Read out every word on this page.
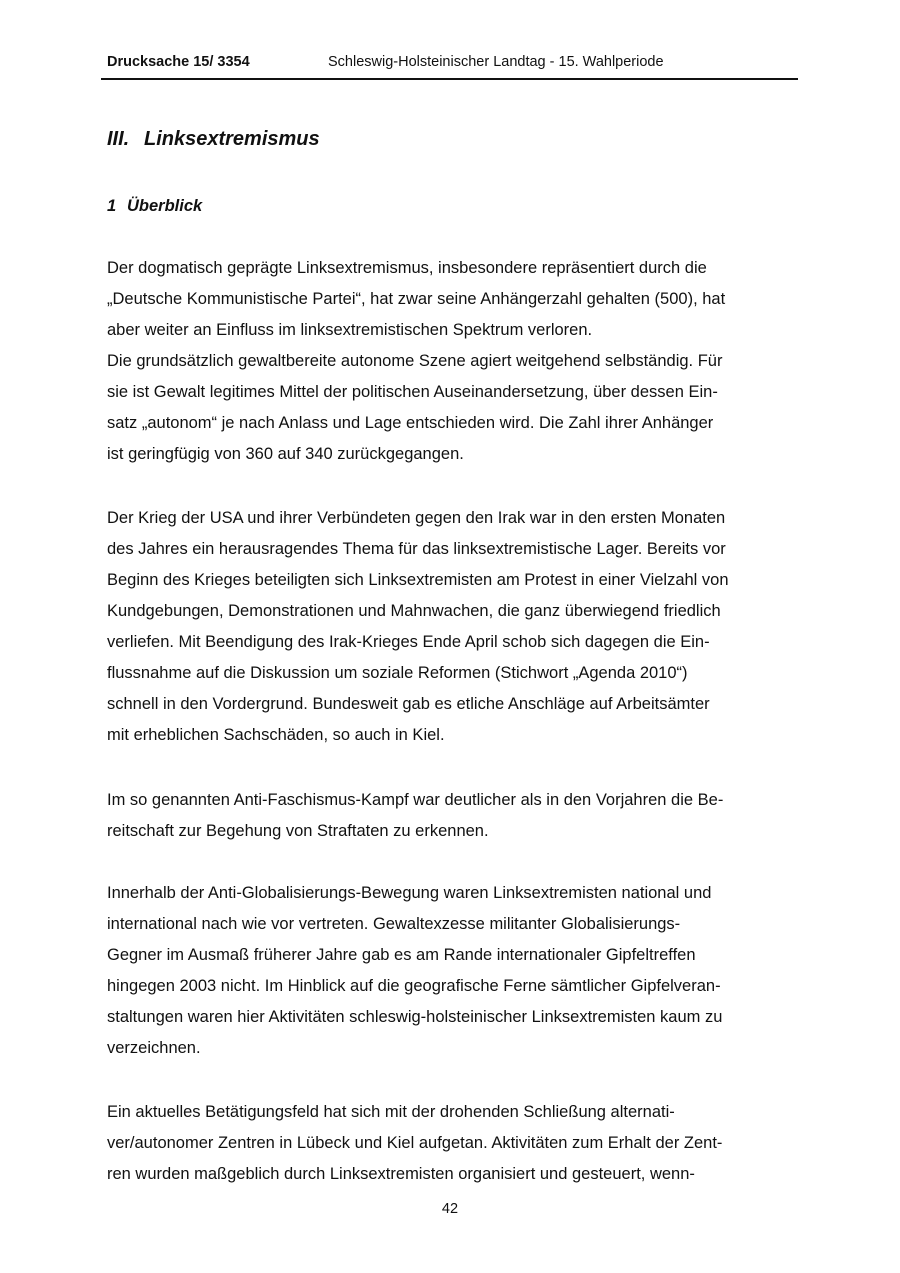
Drucksache 15/ 3354	Schleswig-Holsteinischer Landtag - 15. Wahlperiode
III. Linksextremismus
1 Überblick
Der dogmatisch geprägte Linksextremismus, insbesondere repräsentiert durch die
„Deutsche Kommunistische Partei“, hat zwar seine Anhängerzahl gehalten (500), hat
aber weiter an Einfluss im linksextremistischen Spektrum verloren.
Die grundsätzlich gewaltbereite autonome Szene agiert weitgehend selbständig. Für
sie ist Gewalt legitimes Mittel der politischen Auseinandersetzung, über dessen Ein-
satz „autonom“ je nach Anlass und Lage entschieden wird. Die Zahl ihrer Anhänger
ist geringfügig von 360 auf 340 zurückgegangen.
Der Krieg der USA und ihrer Verbündeten gegen den Irak war in den ersten Monaten
des Jahres ein herausragendes Thema für das linksextremistische Lager. Bereits vor
Beginn des Krieges beteiligten sich Linksextremisten am Protest in einer Vielzahl von
Kundgebungen, Demonstrationen und Mahnwachen, die ganz überwiegend friedlich
verliefen. Mit Beendigung des Irak-Krieges Ende April schob sich dagegen die Ein-
flussnahme auf die Diskussion um soziale Reformen (Stichwort „Agenda 2010“)
schnell in den Vordergrund. Bundesweit gab es etliche Anschläge auf Arbeitsämter
mit erheblichen Sachschäden, so auch in Kiel.
Im so genannten Anti-Faschismus-Kampf war deutlicher als in den Vorjahren die Be-
reitschaft zur Begehung von Straftaten zu erkennen.
Innerhalb der Anti-Globalisierungs-Bewegung waren Linksextremisten national und
international nach wie vor vertreten. Gewaltexzesse militanter Globalisierungs-
Gegner im Ausmaß früherer Jahre gab es am Rande internationaler Gipfeltreffen
hingegen 2003 nicht. Im Hinblick auf die geografische Ferne sämtlicher Gipfelveran-
staltungen waren hier Aktivitäten schleswig-holsteinischer Linksextremisten kaum zu
verzeichnen.
Ein aktuelles Betätigungsfeld hat sich mit der drohenden Schließung alternati-
ver/autonomer Zentren in Lübeck und Kiel aufgetan. Aktivitäten zum Erhalt der Zent-
ren wurden maßgeblich durch Linksextremisten organisiert und gesteuert, wenn-
42
